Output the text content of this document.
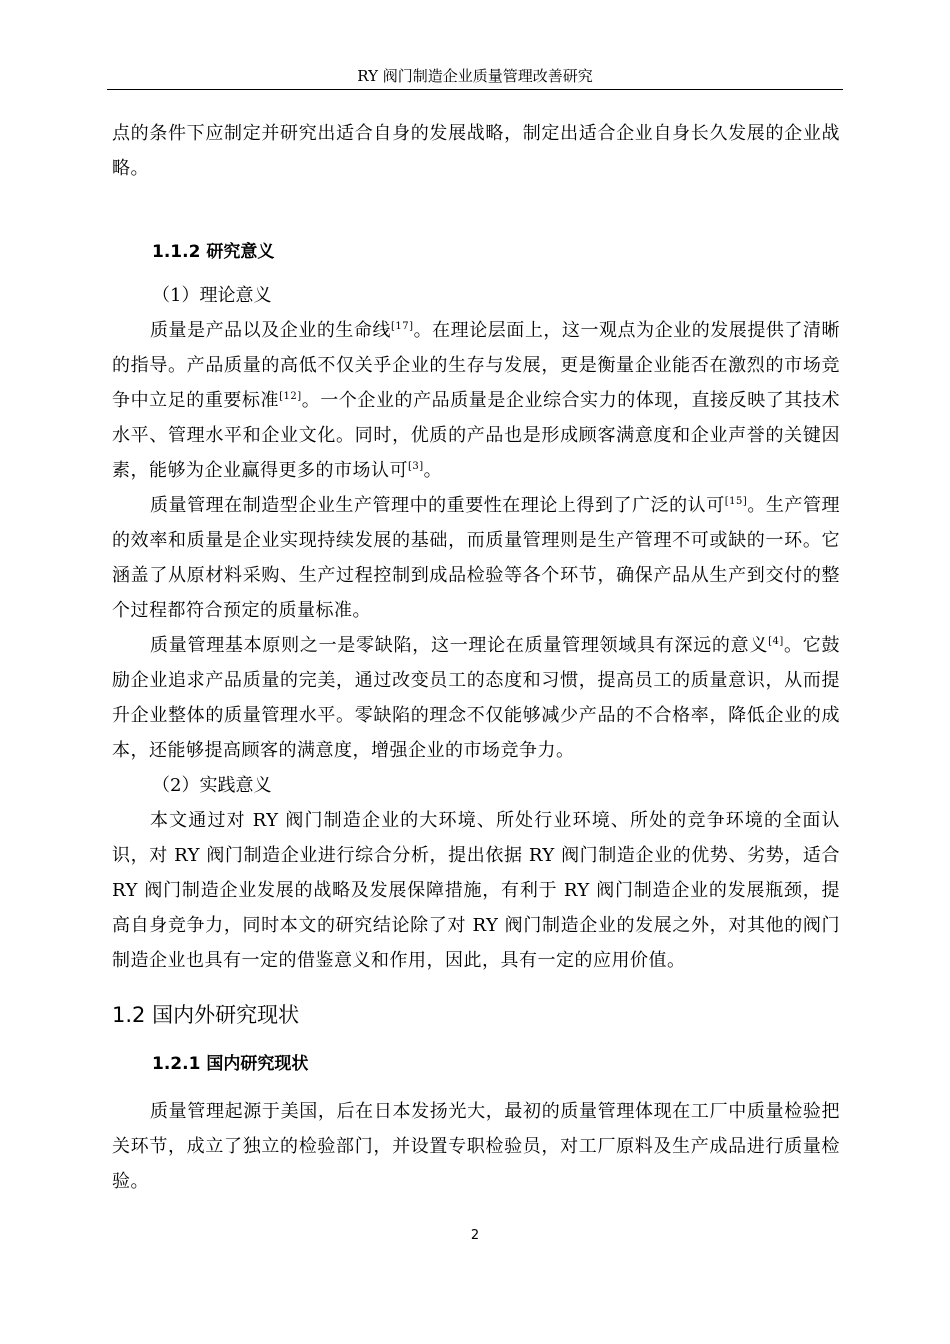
RY 阀门制造企业质量管理改善研究

点的条件下应制定并研究出适合自身的发展战略，制定出适合企业自身长久发展的企业战略。

1.1.2 研究意义

（1）理论意义

质量是产品以及企业的生命线[17]。在理论层面上，这一观点为企业的发展提供了清晰的指导。产品质量的高低不仅关乎企业的生存与发展，更是衡量企业能否在激烈的市场竞争中立足的重要标准[12]。一个企业的产品质量是企业综合实力的体现，直接反映了其技术水平、管理水平和企业文化。同时，优质的产品也是形成顾客满意度和企业声誉的关键因素，能够为企业赢得更多的市场认可[3]。

质量管理在制造型企业生产管理中的重要性在理论上得到了广泛的认可[15]。生产管理的效率和质量是企业实现持续发展的基础，而质量管理则是生产管理不可或缺的一环。它涵盖了从原材料采购、生产过程控制到成品检验等各个环节，确保产品从生产到交付的整个过程都符合预定的质量标准。

质量管理基本原则之一是零缺陷，这一理论在质量管理领域具有深远的意义[4]。它鼓励企业追求产品质量的完美，通过改变员工的态度和习惯，提高员工的质量意识，从而提升企业整体的质量管理水平。零缺陷的理念不仅能够减少产品的不合格率，降低企业的成本，还能够提高顾客的满意度，增强企业的市场竞争力。

（2）实践意义

本文通过对 RY 阀门制造企业的大环境、所处行业环境、所处的竞争环境的全面认识，对 RY 阀门制造企业进行综合分析，提出依据 RY 阀门制造企业的优势、劣势，适合 RY 阀门制造企业发展的战略及发展保障措施，有利于 RY 阀门制造企业的发展瓶颈，提高自身竞争力，同时本文的研究结论除了对 RY 阀门制造企业的发展之外，对其他的阀门制造企业也具有一定的借鉴意义和作用，因此，具有一定的应用价值。

1.2 国内外研究现状

1.2.1 国内研究现状

质量管理起源于美国，后在日本发扬光大，最初的质量管理体现在工厂中质量检验把关环节，成立了独立的检验部门，并设置专职检验员，对工厂原料及生产成品进行质量检验。

2
